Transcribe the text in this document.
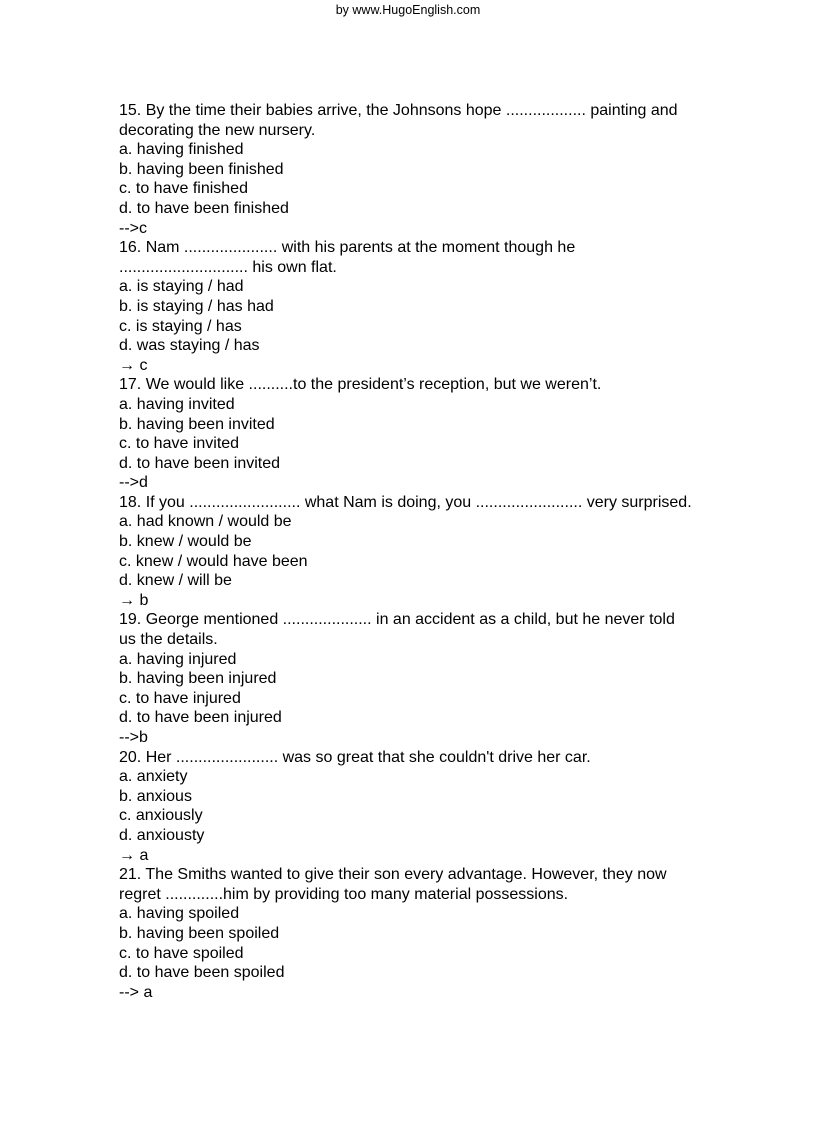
by www.HugoEnglish.com
15. By the time their babies arrive, the Johnsons hope .................. painting and
decorating the new nursery.
a. having finished
b. having been finished
c. to have finished
d. to have been finished
-->c
16. Nam ..................... with his parents at the moment though he
............................. his own flat.
a. is staying / had
b. is staying / has had
c. is staying / has
d. was staying / has
→ c
17. We would like ..........to the president’s reception, but we weren’t.
a. having invited
b. having been invited
c. to have invited
d. to have been invited
-->d
18. If you ......................... what Nam is doing, you ........................ very surprised.
a. had known / would be
b. knew / would be
c. knew / would have been
d. knew / will be
→ b
19. George mentioned .................... in an accident as a child, but he never told
us the details.
a. having injured
b. having been injured
c. to have injured
d. to have been injured
-->b
20. Her ....................... was so great that she couldn't drive her car.
a. anxiety
b. anxious
c. anxiously
d. anxiousty
→ a
21. The Smiths wanted to give their son every advantage. However, they now
regret .............him by providing too many material possessions.
a. having spoiled
b. having been spoiled
c. to have spoiled
d. to have been spoiled
--> a
